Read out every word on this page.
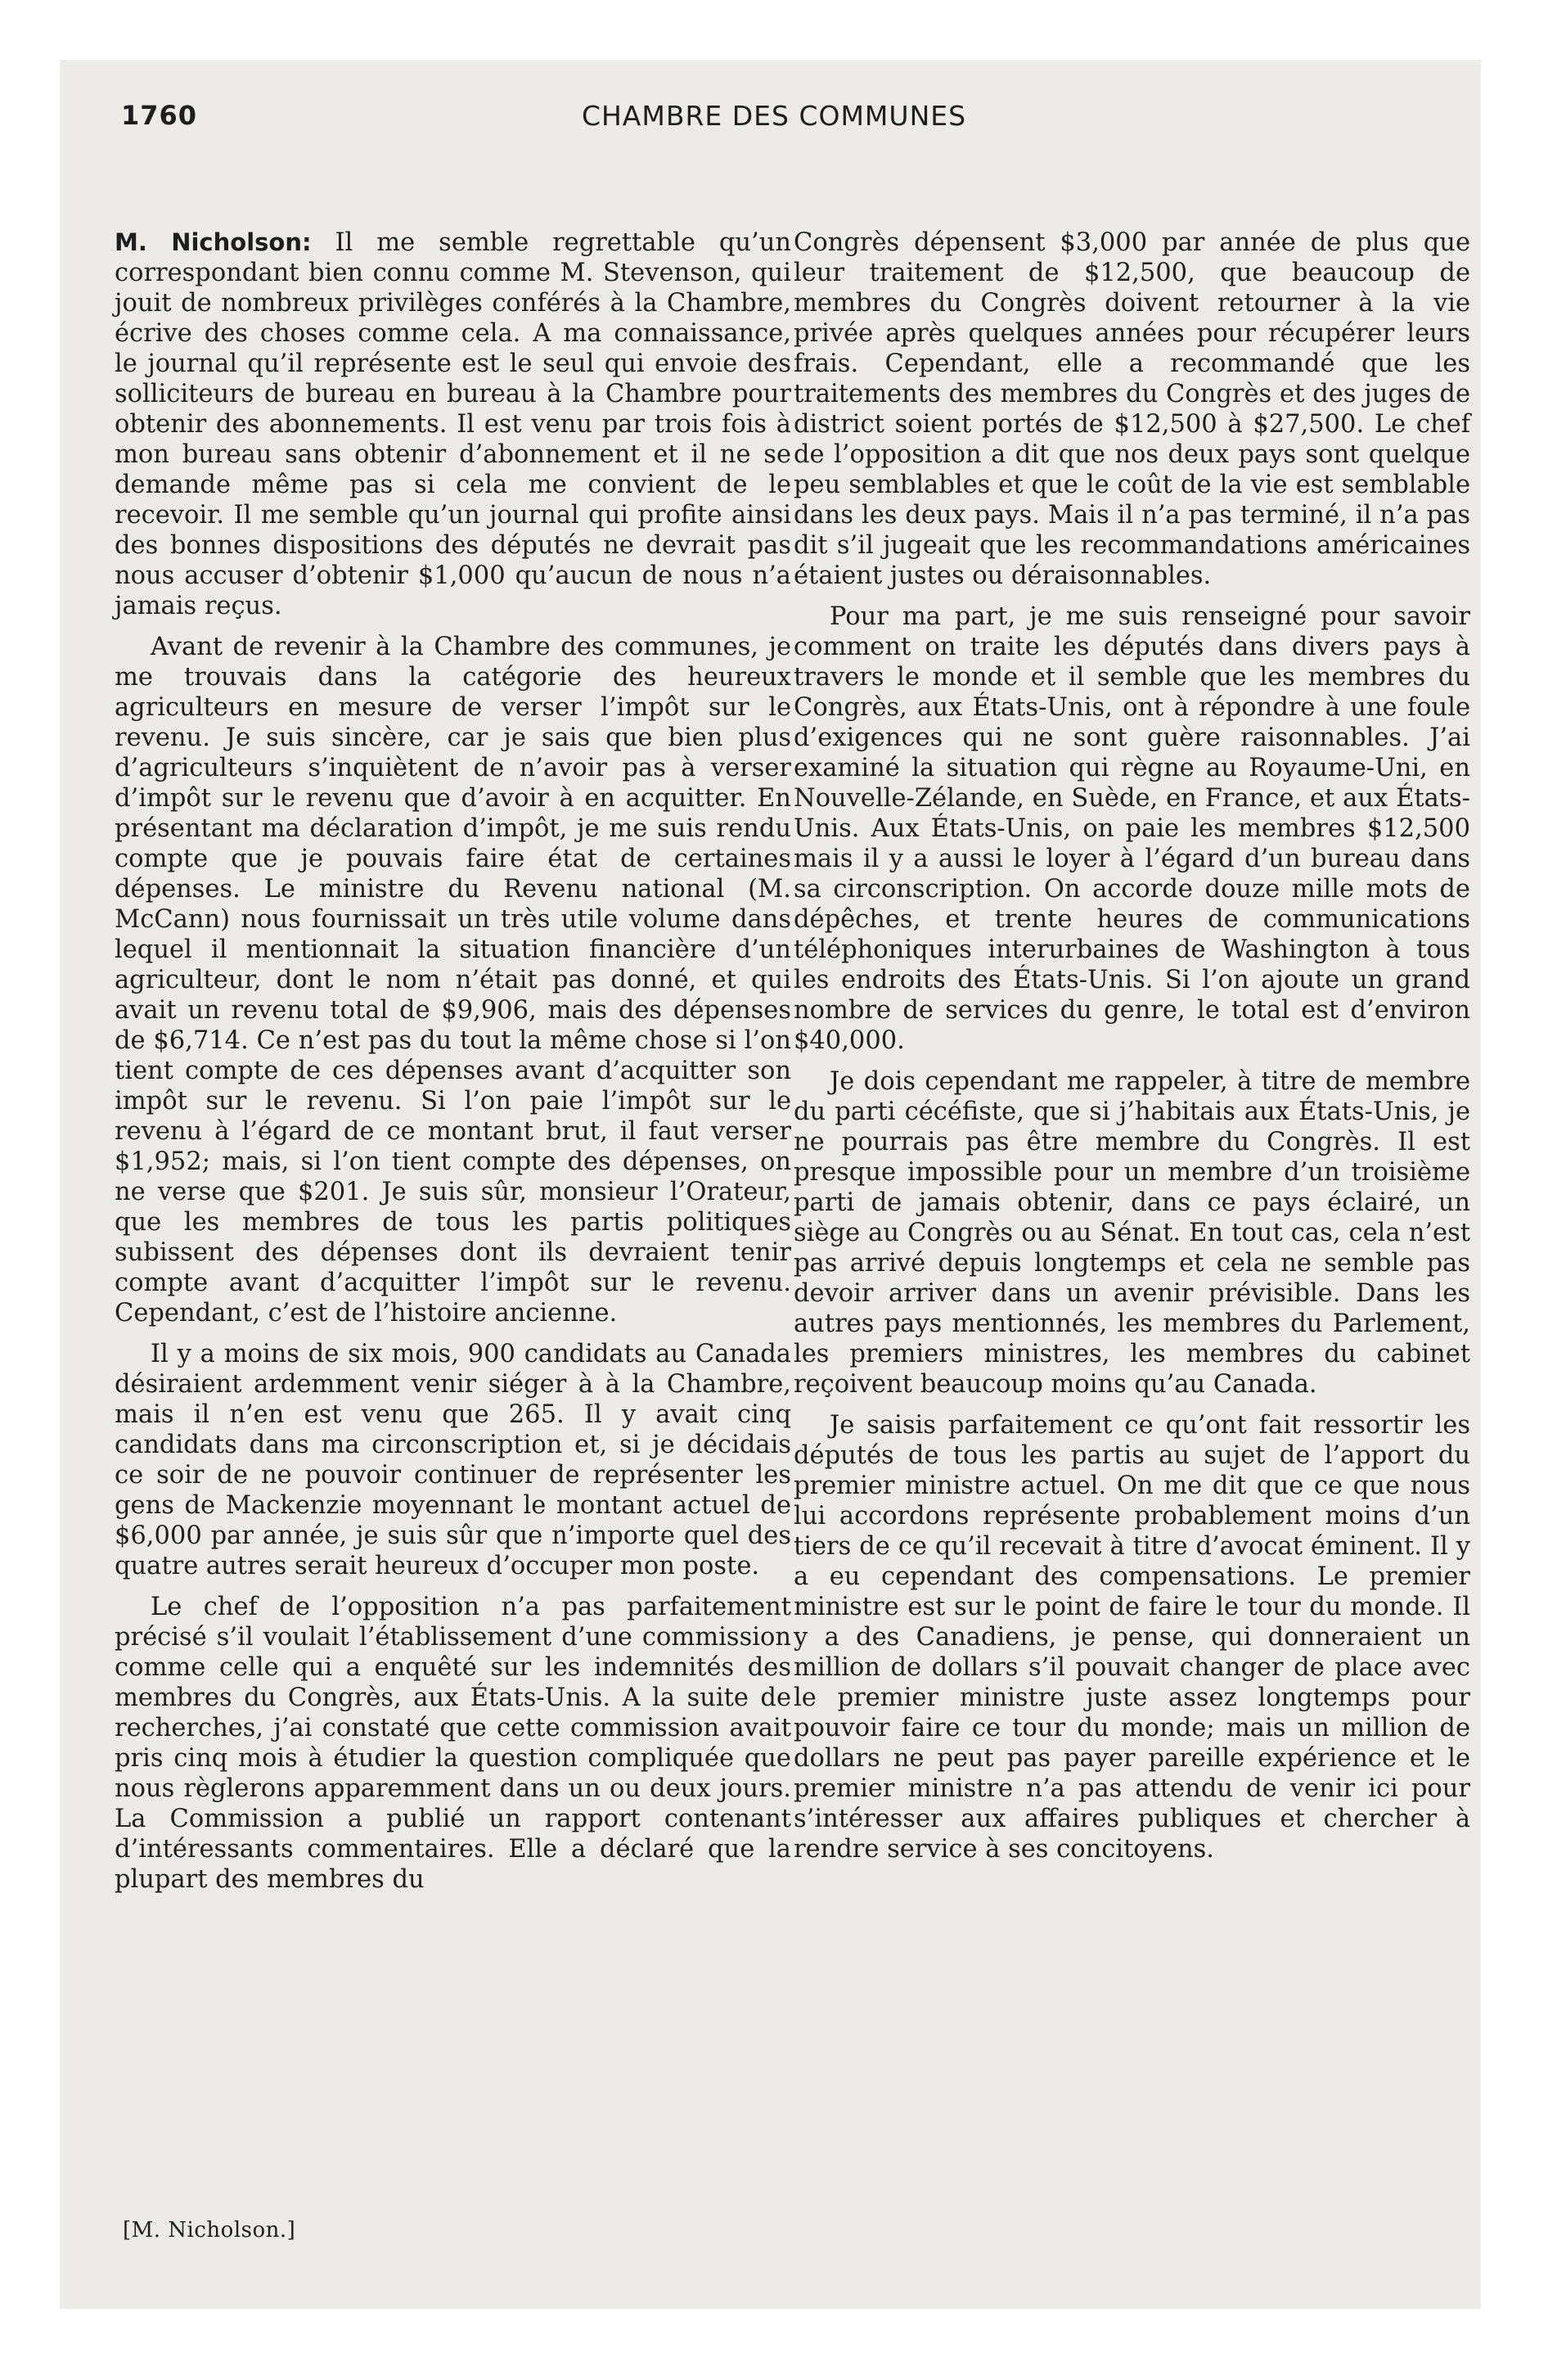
1760	CHAMBRE DES COMMUNES

M. Nicholson: Il me semble regrettable qu’un correspondant bien connu comme M. Stevenson, qui jouit de nombreux privilèges conférés à la Chambre, écrive des choses comme cela. A ma connaissance, le journal qu’il représente est le seul qui envoie des solliciteurs de bureau en bureau à la Chambre pour obtenir des abonnements. Il est venu par trois fois à mon bureau sans obtenir d’abonnement et il ne se demande même pas si cela me convient de le recevoir. Il me semble qu’un journal qui profite ainsi des bonnes dispositions des députés ne devrait pas nous accuser d’obtenir $1,000 qu’aucun de nous n’a jamais reçus.

Avant de revenir à la Chambre des communes, je me trouvais dans la catégorie des heureux agriculteurs en mesure de verser l’impôt sur le revenu. Je suis sincère, car je sais que bien plus d’agriculteurs s’inquiètent de n’avoir pas à verser d’impôt sur le revenu que d’avoir à en acquitter. En présentant ma déclaration d’impôt, je me suis rendu compte que je pouvais faire état de certaines dépenses. Le ministre du Revenu national (M. McCann) nous fournissait un très utile volume dans lequel il mentionnait la situation financière d’un agriculteur, dont le nom n’était pas donné, et qui avait un revenu total de $9,906, mais des dépenses de $6,714. Ce n’est pas du tout la même chose si l’on tient compte de ces dépenses avant d’acquitter son impôt sur le revenu. Si l’on paie l’impôt sur le revenu à l’égard de ce montant brut, il faut verser $1,952; mais, si l’on tient compte des dépenses, on ne verse que $201. Je suis sûr, monsieur l’Orateur, que les membres de tous les partis politiques subissent des dépenses dont ils devraient tenir compte avant d’acquitter l’impôt sur le revenu. Cependant, c’est de l’histoire ancienne.

Il y a moins de six mois, 900 candidats au Canada désiraient ardemment venir siéger à à la Chambre, mais il n’en est venu que 265. Il y avait cinq candidats dans ma circonscription et, si je décidais ce soir de ne pouvoir continuer de représenter les gens de Mackenzie moyennant le montant actuel de $6,000 par année, je suis sûr que n’importe quel des quatre autres serait heureux d’occuper mon poste.

Le chef de l’opposition n’a pas parfaitement précisé s’il voulait l’établissement d’une commission comme celle qui a enquêté sur les indemnités des membres du Congrès, aux États-Unis. A la suite de recherches, j’ai constaté que cette commission avait pris cinq mois à étudier la question compliquée que nous règlerons apparemment dans un ou deux jours. La Commission a publié un rapport contenant d’intéressants commentaires. Elle a déclaré que la plupart des membres du

Congrès dépensent $3,000 par année de plus que leur traitement de $12,500, que beaucoup de membres du Congrès doivent retourner à la vie privée après quelques années pour récupérer leurs frais. Cependant, elle a recommandé que les traitements des membres du Congrès et des juges de district soient portés de $12,500 à $27,500. Le chef de l’opposition a dit que nos deux pays sont quelque peu semblables et que le coût de la vie est semblable dans les deux pays. Mais il n’a pas terminé, il n’a pas dit s’il jugeait que les recommandations américaines étaient justes ou déraisonnables.

Pour ma part, je me suis renseigné pour savoir comment on traite les députés dans divers pays à travers le monde et il semble que les membres du Congrès, aux États-Unis, ont à répondre à une foule d’exigences qui ne sont guère raisonnables. J’ai examiné la situation qui règne au Royaume-Uni, en Nouvelle-Zélande, en Suède, en France, et aux États-Unis. Aux États-Unis, on paie les membres $12,500 mais il y a aussi le loyer à l’égard d’un bureau dans sa circonscription. On accorde douze mille mots de dépêches, et trente heures de communications téléphoniques interurbaines de Washington à tous les endroits des États-Unis. Si l’on ajoute un grand nombre de services du genre, le total est d’environ $40,000.

Je dois cependant me rappeler, à titre de membre du parti cécéfiste, que si j’habitais aux États-Unis, je ne pourrais pas être membre du Congrès. Il est presque impossible pour un membre d’un troisième parti de jamais obtenir, dans ce pays éclairé, un siège au Congrès ou au Sénat. En tout cas, cela n’est pas arrivé depuis longtemps et cela ne semble pas devoir arriver dans un avenir prévisible. Dans les autres pays mentionnés, les membres du Parlement, les premiers ministres, les membres du cabinet reçoivent beaucoup moins qu’au Canada.

Je saisis parfaitement ce qu’ont fait ressortir les députés de tous les partis au sujet de l’apport du premier ministre actuel. On me dit que ce que nous lui accordons représente probablement moins d’un tiers de ce qu’il recevait à titre d’avocat éminent. Il y a eu cependant des compensations. Le premier ministre est sur le point de faire le tour du monde. Il y a des Canadiens, je pense, qui donneraient un million de dollars s’il pouvait changer de place avec le premier ministre juste assez longtemps pour pouvoir faire ce tour du monde; mais un million de dollars ne peut pas payer pareille expérience et le premier ministre n’a pas attendu de venir ici pour s’intéresser aux affaires publiques et chercher à rendre service à ses concitoyens.

[M. Nicholson.]
